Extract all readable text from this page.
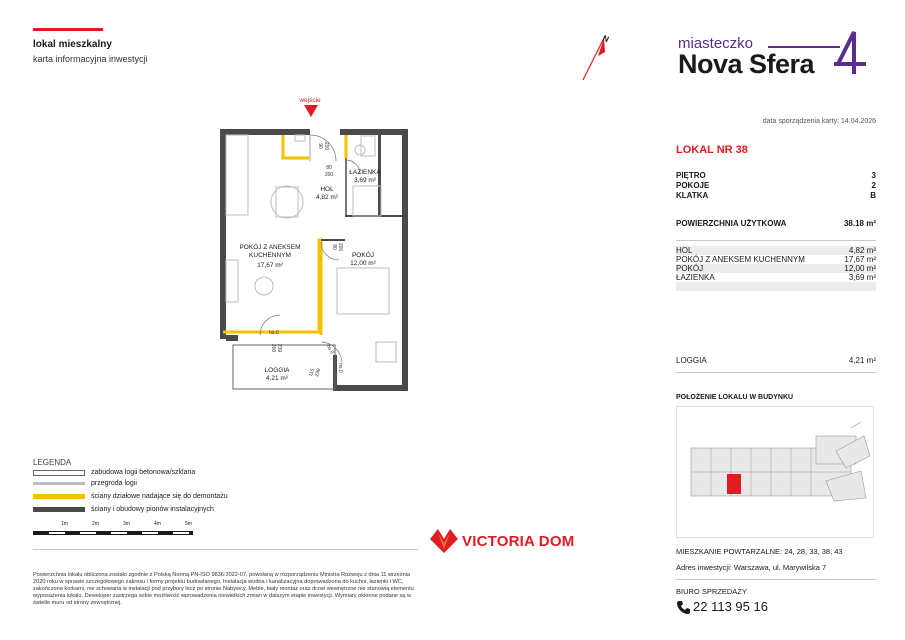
lokal mieszkalny
karta informacyjna inwestycji
N	miasteczko
Nova Sfera
wejście
90 200
80
200
80 200
200 239
115
239
hs.0
hs.0
hs.0
HOL
4,82 m²
ŁAZIENKA
3,69 m²
POKÓJ Z ANEKSEM
KUCHENNYM
17,67 m²
POKÓJ
12,00 m²
LOGGIA
4,21 m²
data sporządzenia karty: 14.04.2026
LOKAL NR 38
PIĘTRO	3
POKOJE	2
KLATKA	B
POWIERZCHNIA UŻYTKOWA	38.18 m²
HOL	4,82 m²
POKÓJ Z ANEKSEM KUCHENNYM	17,67 m²
POKÓJ	12,00 m²
ŁAZIENKA	3,69 m²
LOGGIA	4,21 m²
POŁOŻENIE LOKALU W BUDYNKU
MIESZKANIE POWTARZALNE: 24, 28, 33, 38, 43
Adres inwestycji: Warszawa, ul. Marywilska 7
BIURO SPRZEDAŻY
22 113 95 16
LEGENDA
zabudowa logii betonowa/szklana
przegroda logii
ściany działowe nadające się do demontażu
ściany i obudowy pionów instalacyjnych
1m	2m	3m	4m	5m
VICTORIA DOM
Powierzchnia lokalu obliczona zostało zgodnie z Polską Normą PN-ISO 9836:2022-07, powołaną w rozporządzeniu Ministra Rozwoju z dnia 11 września 2020 roku w sprawie szczegółowego zakresu i formy projektu budowlanego. Instalacja wodna i kanalizacyjna doprowadzona do kuchni, łazienki i WC, zakończona korkami, nie schowana w instalacji pod przybory lecz po stronie Nabywcy. Meble, biały montaż oraz drzwi wewnętrzne nie stanowią elementu wyposażenia lokalu. Deweloper zastrzega sobie możliwość wprowadzenia niewielkich zmian w dalszym etapie inwestycji. Wymiary okienne podane są w świetle muru od strony zewnętrznej.
